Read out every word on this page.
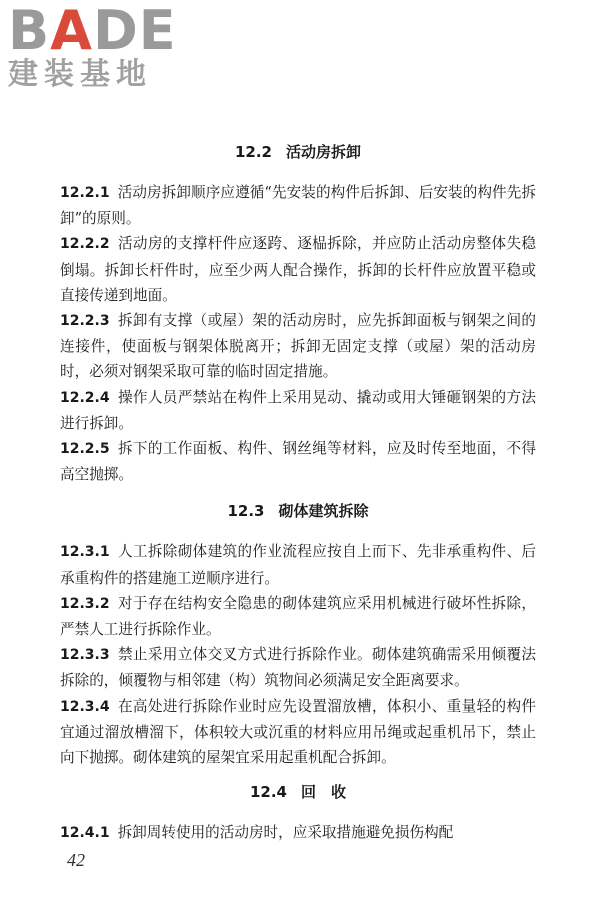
BADE
建装基地
12.2 活动房拆卸

12.2.1 活动房拆卸顺序应遵循“先安装的构件后拆卸、后安装的构件先拆卸”的原则。

12.2.2 活动房的支撑杆件应逐跨、逐榀拆除，并应防止活动房整体失稳倒塌。拆卸长杆件时，应至少两人配合操作，拆卸的长杆件应放置平稳或直接传递到地面。

12.2.3 拆卸有支撑（或屋）架的活动房时，应先拆卸面板与钢架之间的连接件，使面板与钢架体脱离开；拆卸无固定支撑（或屋）架的活动房时，必须对钢架采取可靠的临时固定措施。

12.2.4 操作人员严禁站在构件上采用晃动、撬动或用大锤砸钢架的方法进行拆卸。

12.2.5 拆下的工作面板、构件、钢丝绳等材料，应及时传至地面，不得高空抛掷。

12.3 砌体建筑拆除

12.3.1 人工拆除砌体建筑的作业流程应按自上而下、先非承重构件、后承重构件的搭建施工逆顺序进行。

12.3.2 对于存在结构安全隐患的砌体建筑应采用机械进行破坏性拆除，严禁人工进行拆除作业。

12.3.3 禁止采用立体交叉方式进行拆除作业。砌体建筑确需采用倾覆法拆除的，倾覆物与相邻建（构）筑物间必须满足安全距离要求。

12.3.4 在高处进行拆除作业时应先设置溜放槽，体积小、重量轻的构件宜通过溜放槽溜下，体积较大或沉重的材料应用吊绳或起重机吊下，禁止向下抛掷。砌体建筑的屋架宜采用起重机配合拆卸。

12.4 回　收

12.4.1 拆卸周转使用的活动房时，应采取措施避免损伤构配

42
